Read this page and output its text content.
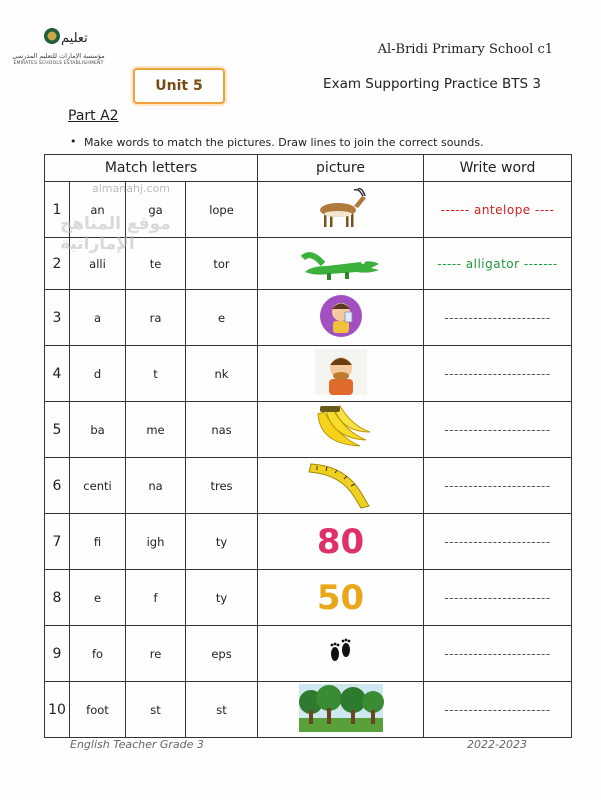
تعليم
مؤسسة الإمارات للتعليم المدرسي
EMIRATES SCHOOLS ESTABLISHMENT
Al-Bridi Primary School c1
Unit 5	Exam Supporting Practice BTS 3
Part A2
• Make words to match the pictures. Draw lines to join the correct sounds.
Match letters				picture	Write word
1	an	ga	lope		------ antelope ----
2	alli	te	tor		----- alligator -------
3	a	ra	e		----------------------
4	d	t	nk		----------------------
5	ba	me	nas		----------------------
6	centi	na	tres		----------------------
7	fi	igh	ty	80	----------------------
8	e	f	ty	50	----------------------
9	fo	re	eps		----------------------
10	foot	st	st		----------------------
almanahj.com
موقع المناهج الإماراتية
English Teacher Grade 3	2022-2023
